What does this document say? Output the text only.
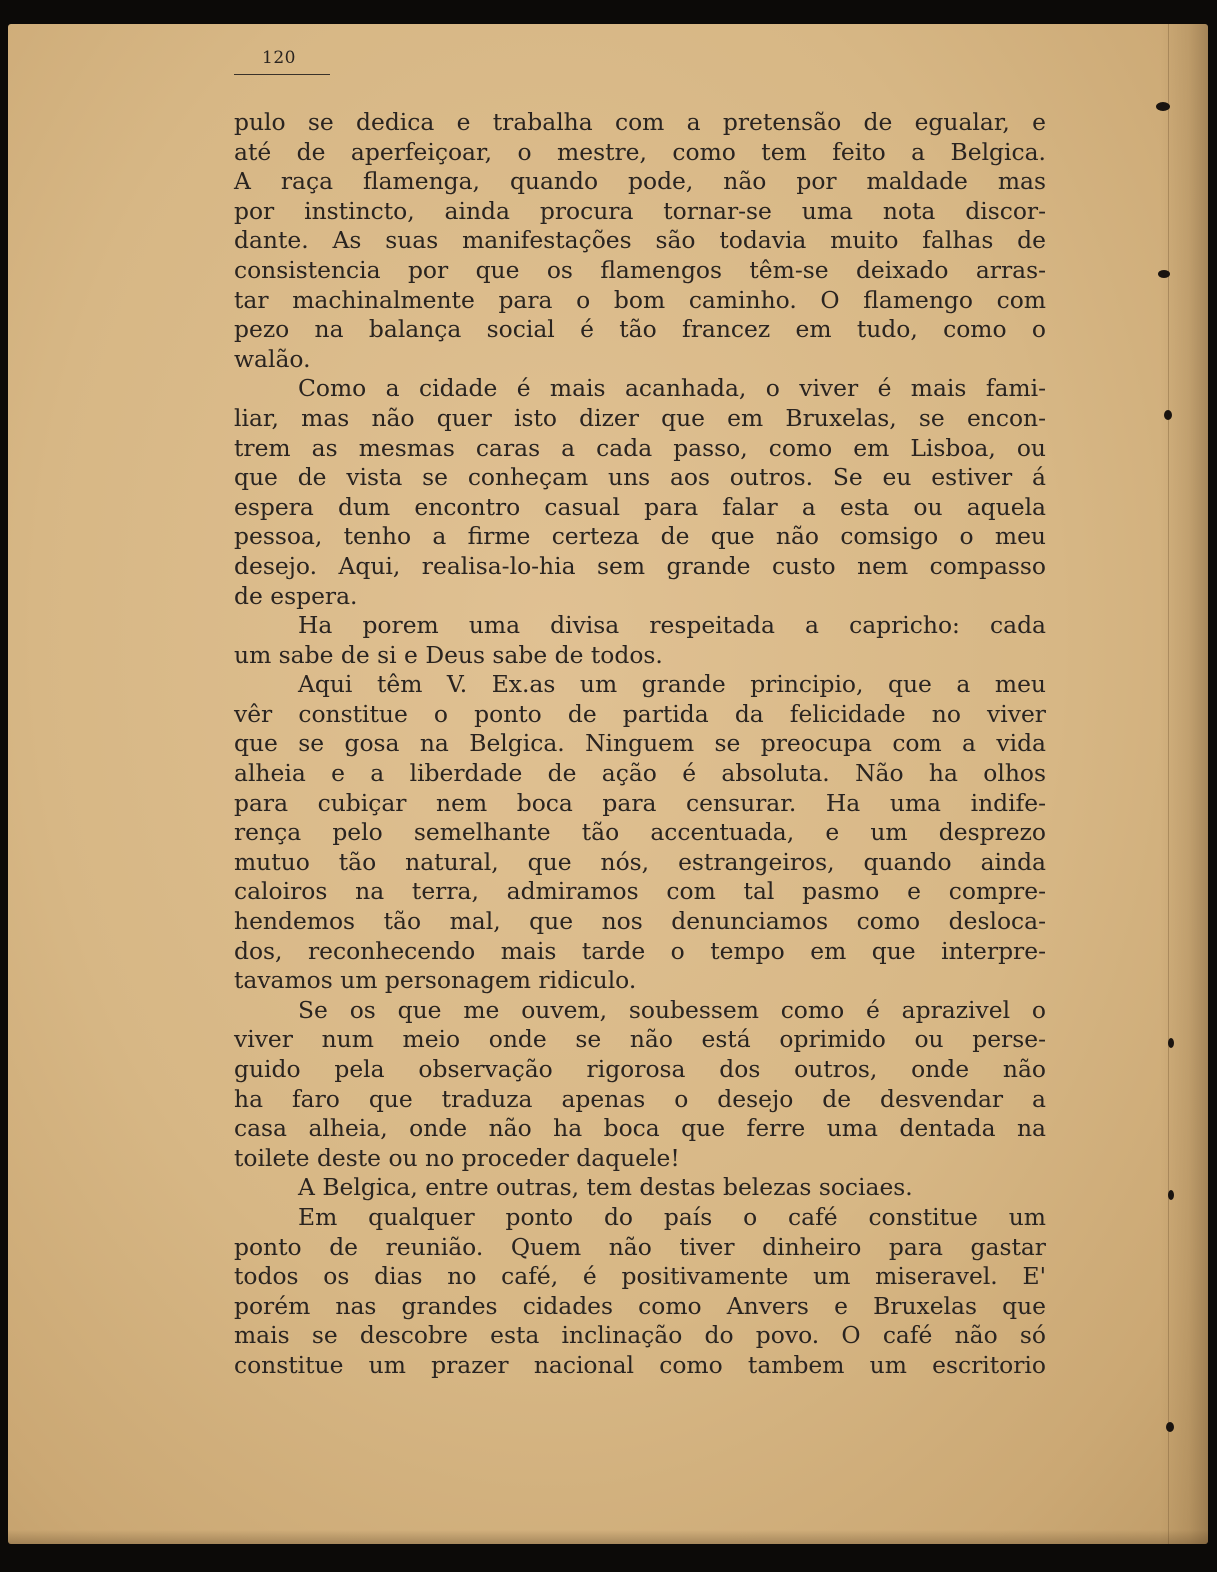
120
pulo se dedica e trabalha com a pretensão de egualar, e
até de aperfeiçoar, o mestre, como tem feito a Belgica.
A raça flamenga, quando pode, não por maldade mas
por instincto, ainda procura tornar-se uma nota discor-
dante. As suas manifestações são todavia muito falhas de
consistencia por que os flamengos têm-se deixado arras-
tar machinalmente para o bom caminho. O flamengo com
pezo na balança social é tão francez em tudo, como o
walão.
Como a cidade é mais acanhada, o viver é mais fami-
liar, mas não quer isto dizer que em Bruxelas, se encon-
trem as mesmas caras a cada passo, como em Lisboa, ou
que de vista se conheçam uns aos outros. Se eu estiver á
espera dum encontro casual para falar a esta ou aquela
pessoa, tenho a firme certeza de que não comsigo o meu
desejo. Aqui, realisa-lo-hia sem grande custo nem compasso
de espera.
Ha porem uma divisa respeitada a capricho: cada
um sabe de si e Deus sabe de todos.
Aqui têm V. Ex.as um grande principio, que a meu
vêr constitue o ponto de partida da felicidade no viver
que se gosa na Belgica. Ninguem se preocupa com a vida
alheia e a liberdade de ação é absoluta. Não ha olhos
para cubiçar nem boca para censurar. Ha uma indife-
rença pelo semelhante tão accentuada, e um desprezo
mutuo tão natural, que nós, estrangeiros, quando ainda
caloiros na terra, admiramos com tal pasmo e compre-
hendemos tão mal, que nos denunciamos como desloca-
dos, reconhecendo mais tarde o tempo em que interpre-
tavamos um personagem ridiculo.
Se os que me ouvem, soubessem como é aprazivel o
viver num meio onde se não está oprimido ou perse-
guido pela observação rigorosa dos outros, onde não
ha faro que traduza apenas o desejo de desvendar a
casa alheia, onde não ha boca que ferre uma dentada na
toilete deste ou no proceder daquele!
A Belgica, entre outras, tem destas belezas sociaes.
Em qualquer ponto do país o café constitue um
ponto de reunião. Quem não tiver dinheiro para gastar
todos os dias no café, é positivamente um miseravel. E'
porém nas grandes cidades como Anvers e Bruxelas que
mais se descobre esta inclinação do povo. O café não só
constitue um prazer nacional como tambem um escritorio
